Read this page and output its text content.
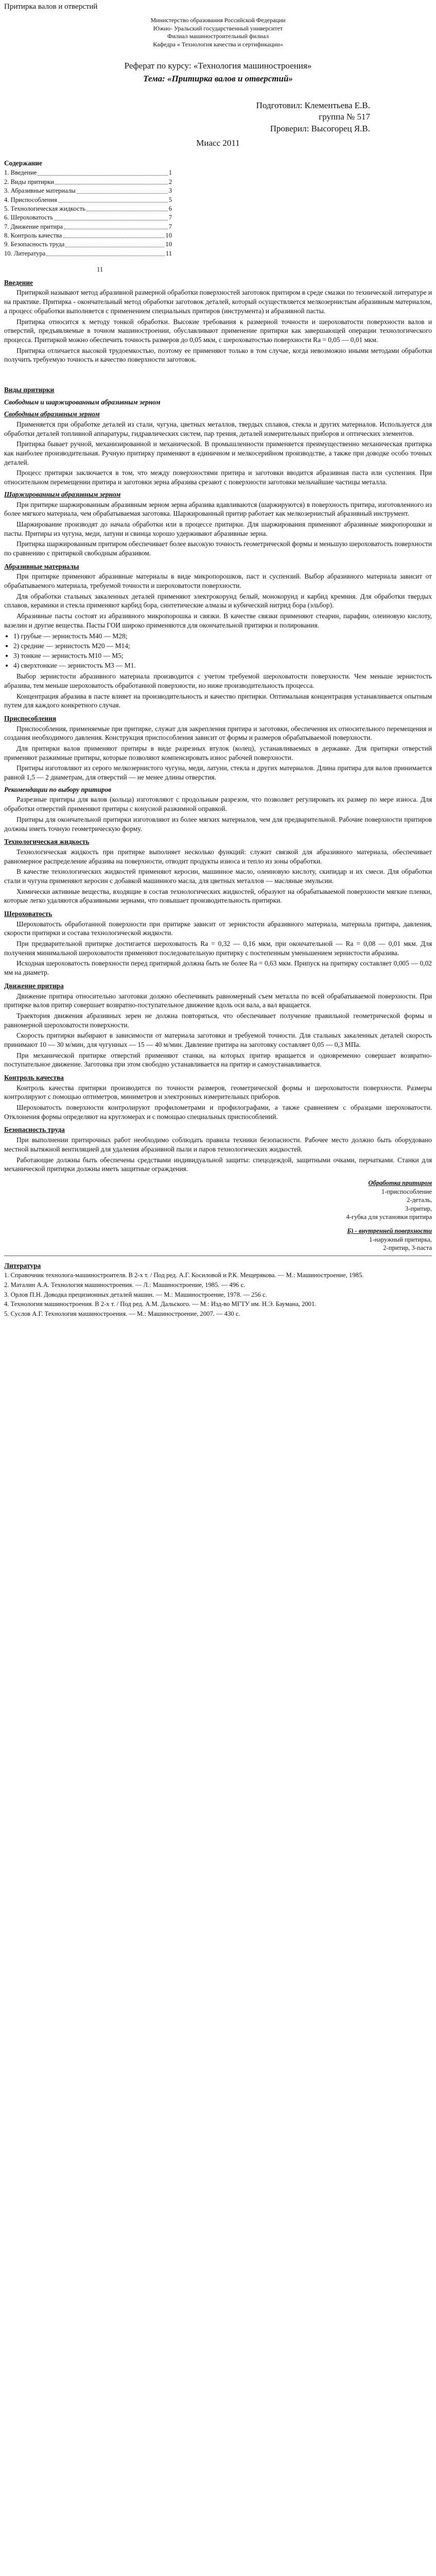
Притирка валов и отверстий

Министерство образования Российской Федерации

Южно- Уральский государственный университет

Филиал машиностроительный филиал

Кафедра « Технология качества и сертификации»

Реферат по курсу: «Технология машиностроения»

Тема: «Притирка валов и отверстий»

Подготовил: Клементьева Е.В.

группа № 517

Проверил: Высогорец Я.В.

Миасс 2011

Содержание
1. Введение	1
2. Виды притирки	2
3. Абразивные материалы	3
4. Приспособления	5
5. Технологическая жидкость	6
6. Шероховатость	7
7. Движение притира	7
8. Контроль качества	10
9. Безопасность труда	10
10. Литература	11
11
Введение

Притиркой называют метод абразивной размерной обработки поверхностей заготовок притиром в среде смазки по технической литературе и на практике. Притирка - окончательный метод обработки заготовок деталей, который осуществляется мелкозернистым абразивным материалом, а процесс обработки выполняется с применением специальных притиров (инструмента) и абразивной пасты.

Притирка относится к методу тонкой обработки. Высокие требования к размерной точности и шероховатости поверхности валов и отверстий, предъявляемые в точном машиностроении, обуславливают применение притирки как завершающей операции технологического процесса. Притиркой можно обеспечить точность размеров до 0,05 мкм, с шероховатостью поверхности Ra = 0,05 — 0,01 мкм.

Притирка отличается высокой трудоемкостью, поэтому ее применяют только в том случае, когда невозможно иными методами обработки получить требуемую точность и качество поверхности заготовок.

Виды притирки
Свободным и шаржированным абразивным зерном
Свободным абразивным зерном

Применяется при обработке деталей из стали, чугуна, цветных металлов, твердых сплавов, стекла и других материалов. Используется для обработки деталей топливной аппаратуры, гидравлических систем, пар трения, деталей измерительных приборов и оптических элементов.

Притирка бывает ручной, механизированной и механической. В промышленности применяется преимущественно механическая притирка как наиболее производительная. Ручную притирку применяют в единичном и мелкосерийном производстве, а также при доводке особо точных деталей.

Процесс притирки заключается в том, что между поверхностями притира и заготовки вводится абразивная паста или суспензия. При относительном перемещении притира и заготовки зерна абразива срезают с поверхности заготовки мельчайшие частицы металла.

Шаржированным абразивным зерном

При притирке шаржированным абразивным зерном зерна абразива вдавливаются (шаржируются) в поверхность притира, изготовленного из более мягкого материала, чем обрабатываемая заготовка. Шаржированный притир работает как мелкозернистый абразивный инструмент.

Шаржирование производят до начала обработки или в процессе притирки. Для шаржирования применяют абразивные микропорошки и пасты. Притиры из чугуна, меди, латуни и свинца хорошо удерживают абразивные зерна.

Притирка шаржированным притиром обеспечивает более высокую точность геометрической формы и меньшую шероховатость поверхности по сравнению с притиркой свободным абразивом.

Абразивные материалы

При притирке применяют абразивные материалы в виде микропорошков, паст и суспензий. Выбор абразивного материала зависит от обрабатываемого материала, требуемой точности и шероховатости поверхности.

Для обработки стальных закаленных деталей применяют электрокорунд белый, монокорунд и карбид кремния. Для обработки твердых сплавов, керамики и стекла применяют карбид бора, синтетические алмазы и кубический нитрид бора (эльбор).

Абразивные пасты состоят из абразивного микропорошка и связки. В качестве связки применяют стеарин, парафин, олеиновую кислоту, вазелин и другие вещества. Пасты ГОИ широко применяются для окончательной притирки и полирования.

• 1) грубые — зернистость М40 — М28;
• 2) средние — зернистость М20 — М14;
• 3) тонкие — зернистость М10 — М5;
• 4) сверхтонкие — зернистость М3 — М1.

Выбор зернистости абразивного материала производится с учетом требуемой шероховатости поверхности. Чем меньше зернистость абразива, тем меньше шероховатость обработанной поверхности, но ниже производительность процесса.

Концентрация абразива в пасте влияет на производительность и качество притирки. Оптимальная концентрация устанавливается опытным путем для каждого конкретного случая.

Приспособления

Приспособления, применяемые при притирке, служат для закрепления притира и заготовки, обеспечения их относительного перемещения и создания необходимого давления. Конструкция приспособления зависит от формы и размеров обрабатываемой поверхности.

Для притирки валов применяют притиры в виде разрезных втулок (колец), устанавливаемых в державке. Для притирки отверстий применяют разжимные притиры, которые позволяют компенсировать износ рабочей поверхности.

Притиры изготовляют из серого мелкозернистого чугуна, меди, латуни, стекла и других материалов. Длина притира для валов принимается равной 1,5 — 2 диаметрам, для отверстий — не менее длины отверстия.

Рекомендации по выбору притиров

Разрезные притиры для валов (кольца) изготовляют с продольным разрезом, что позволяет регулировать их размер по мере износа. Для обработки отверстий применяют притиры с конусной разжимной оправкой.

Притиры для окончательной притирки изготовляют из более мягких материалов, чем для предварительной. Рабочие поверхности притиров должны иметь точную геометрическую форму.

Технологическая жидкость

Технологическая жидкость при притирке выполняет несколько функций: служит связкой для абразивного материала, обеспечивает равномерное распределение абразива на поверхности, отводит продукты износа и тепло из зоны обработки.

В качестве технологических жидкостей применяют керосин, машинное масло, олеиновую кислоту, скипидар и их смеси. Для обработки стали и чугуна применяют керосин с добавкой машинного масла, для цветных металлов — масляные эмульсии.

Химически активные вещества, входящие в состав технологических жидкостей, образуют на обрабатываемой поверхности мягкие пленки, которые легко удаляются абразивными зернами, что повышает производительность притирки.

Шероховатость

Шероховатость обработанной поверхности при притирке зависит от зернистости абразивного материала, материала притира, давления, скорости притирки и состава технологической жидкости.

При предварительной притирке достигается шероховатость Ra = 0,32 — 0,16 мкм, при окончательной — Ra = 0,08 — 0,01 мкм. Для получения минимальной шероховатости применяют последовательную притирку с постепенным уменьшением зернистости абразива.

Исходная шероховатость поверхности перед притиркой должна быть не более Ra = 0,63 мкм. Припуск на притирку составляет 0,005 — 0,02 мм на диаметр.

Движение притира

Движение притира относительно заготовки должно обеспечивать равномерный съем металла по всей обрабатываемой поверхности. При притирке валов притир совершает возвратно-поступательное движение вдоль оси вала, а вал вращается.

Траектория движения абразивных зерен не должна повторяться, что обеспечивает получение правильной геометрической формы и равномерной шероховатости поверхности.

Скорость притирки выбирают в зависимости от материала заготовки и требуемой точности. Для стальных закаленных деталей скорость принимают 10 — 30 м/мин, для чугунных — 15 — 40 м/мин. Давление притира на заготовку составляет 0,05 — 0,3 МПа.

При механической притирке отверстий применяют станки, на которых притир вращается и одновременно совершает возвратно-поступательное движение. Заготовка при этом свободно устанавливается на притир и самоустанавливается.

Контроль качества

Контроль качества притирки производится по точности размеров, геометрической формы и шероховатости поверхности. Размеры контролируют с помощью оптиметров, миниметров и электронных измерительных приборов.

Шероховатость поверхности контролируют профилометрами и профилографами, а также сравнением с образцами шероховатости. Отклонения формы определяют на кругломерах и с помощью специальных приспособлений.

Безопасность труда

При выполнении притирочных работ необходимо соблюдать правила техники безопасности. Рабочее место должно быть оборудовано местной вытяжной вентиляцией для удаления абразивной пыли и паров технологических жидкостей.

Работающие должны быть обеспечены средствами индивидуальной защиты: спецодеждой, защитными очками, перчатками. Станки для механической притирки должны иметь защитные ограждения.

Обработка притиром

1-приспособление

2-деталь,

3-притир,

4-губка для установки притира

Б) - внутренней поверхности

1-наружный притирка,

2-притир, 3-паста

Литература

1. Справочник технолога-машиностроителя. В 2-х т. / Под ред. А.Г. Косиловой и Р.К. Мещерякова. — М.: Машиностроение, 1985.

2. Маталин А.А. Технология машиностроения. — Л.: Машиностроение, 1985. — 496 с.

3. Орлов П.Н. Доводка прецизионных деталей машин. — М.: Машиностроение, 1978. — 256 с.

4. Технология машиностроения. В 2-х т. / Под ред. А.М. Дальского. — М.: Изд-во МГТУ им. Н.Э. Баумана, 2001.

5. Суслов А.Г. Технология машиностроения. — М.: Машиностроение, 2007. — 430 с.
